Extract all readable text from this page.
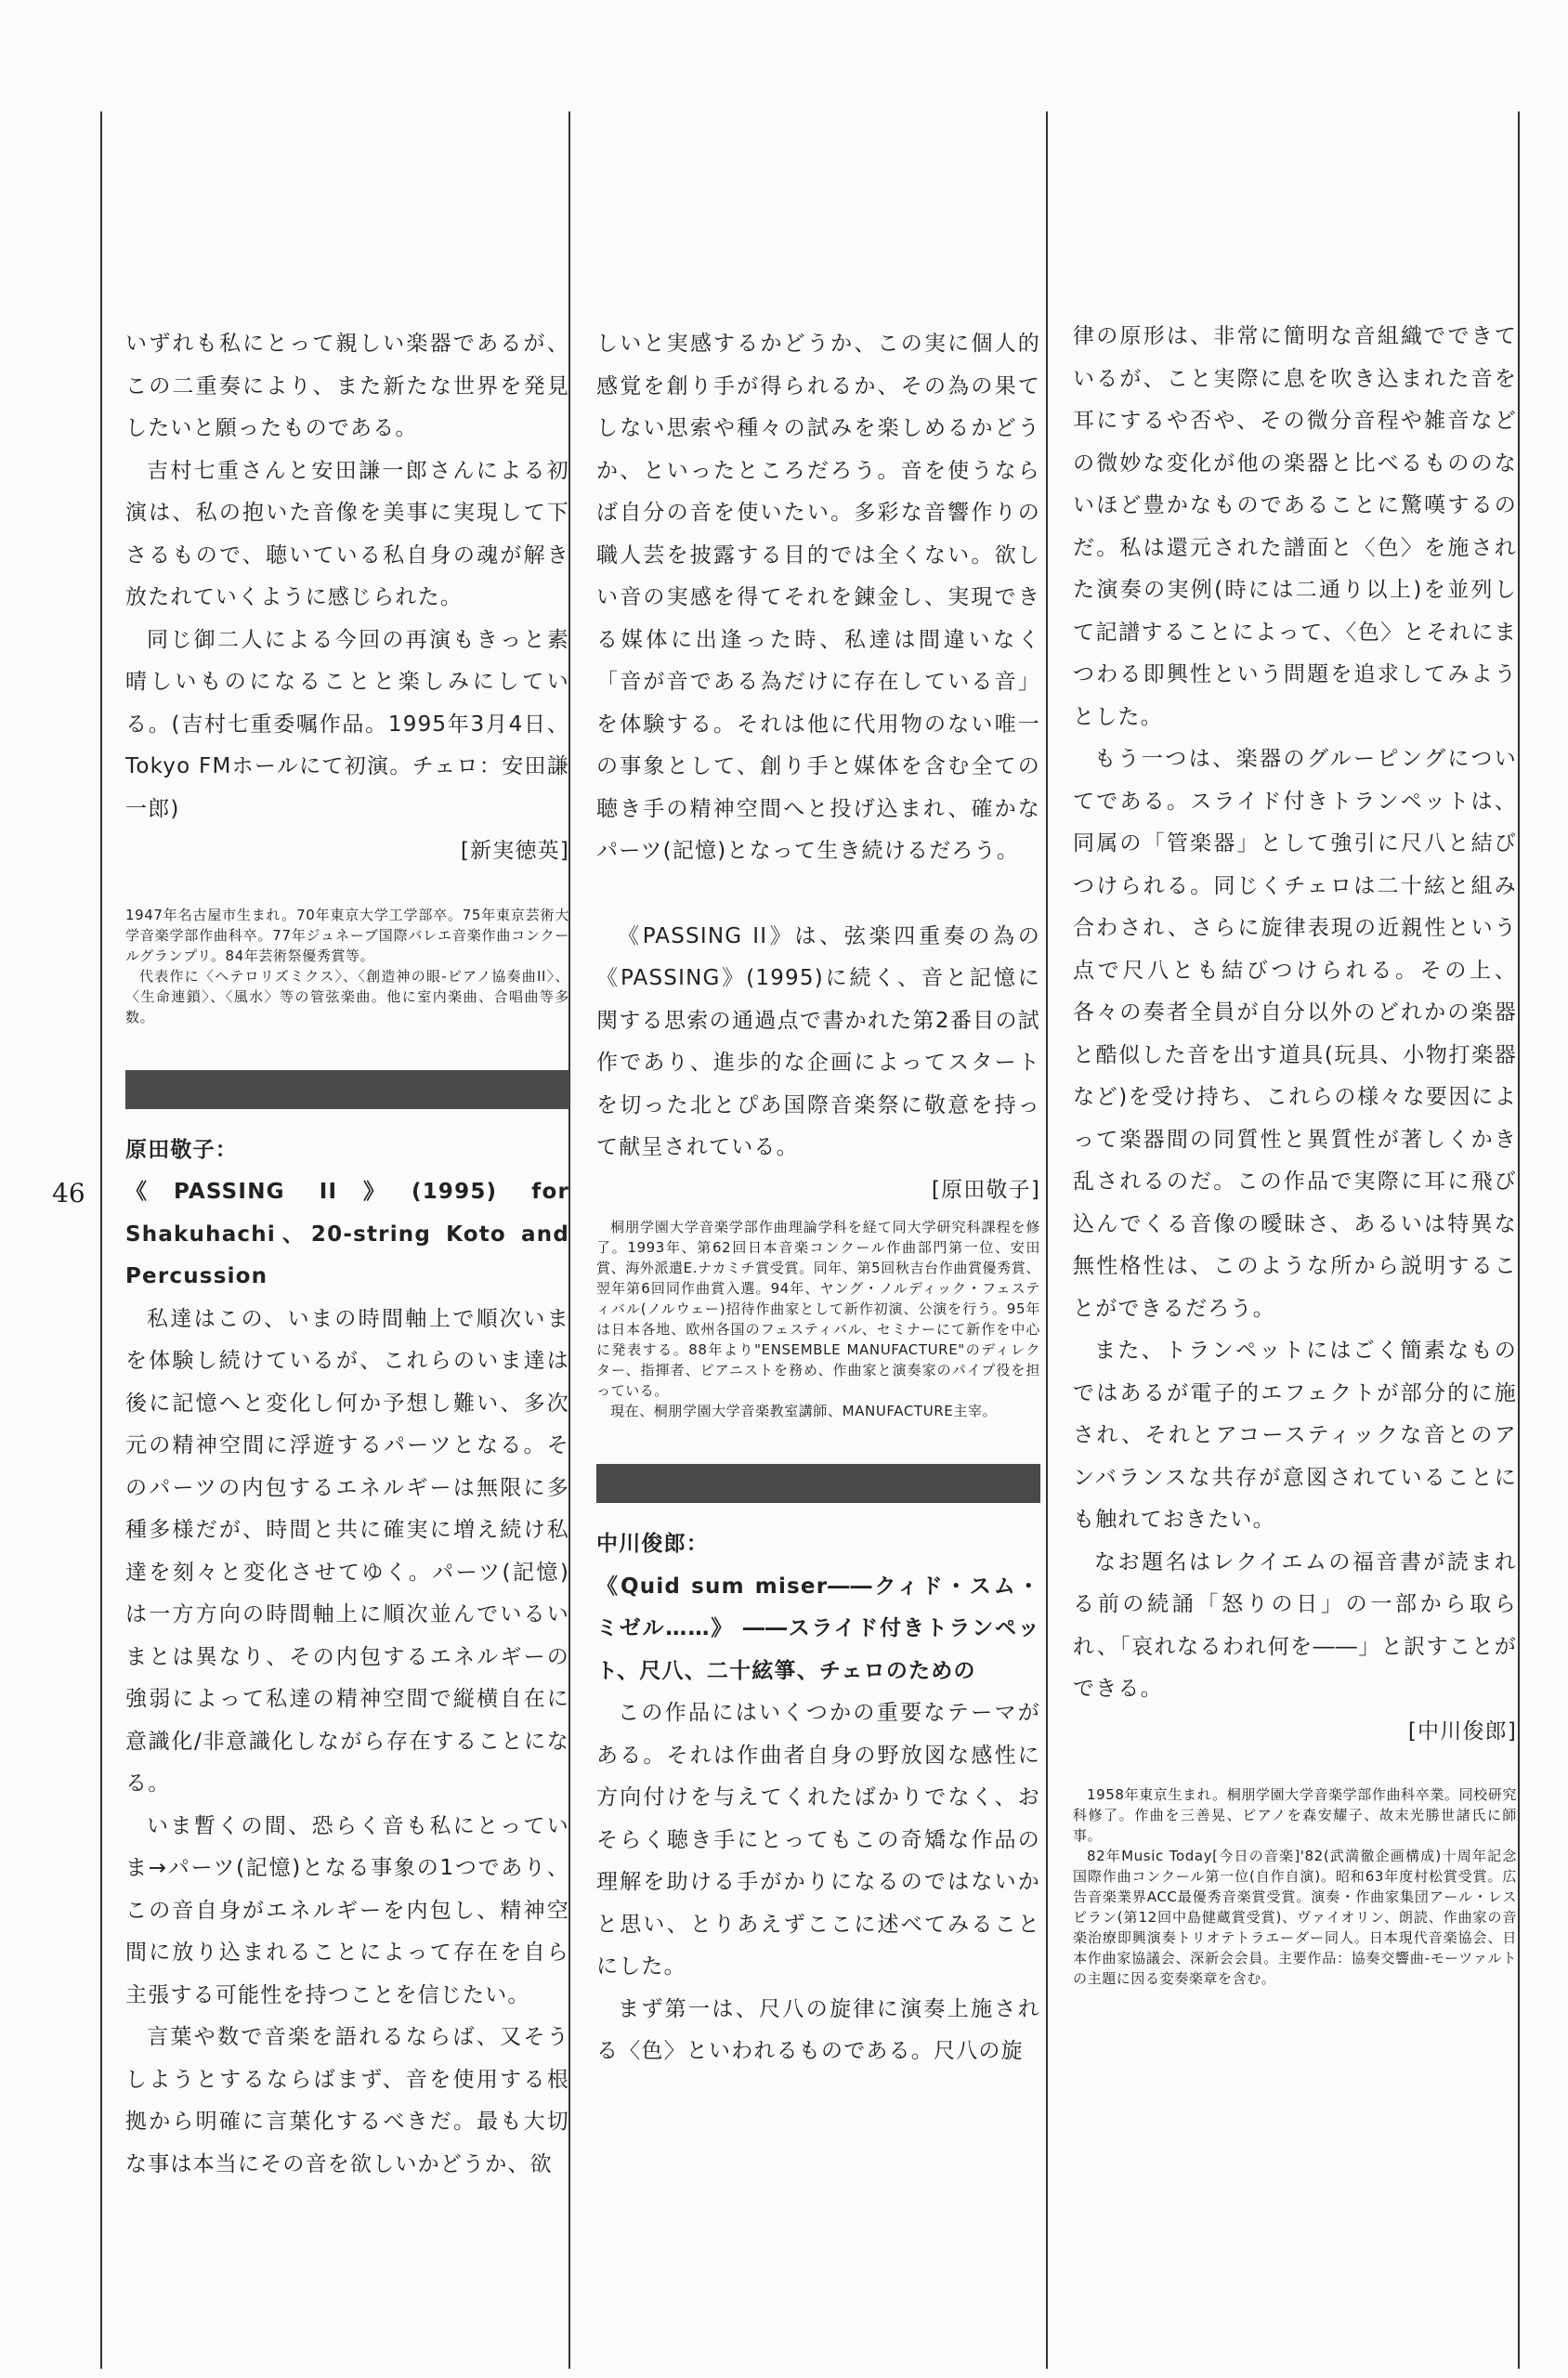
46

いずれも私にとって親しい楽器であるが、この二重奏により、また新たな世界を発見したいと願ったものである。

吉村七重さんと安田謙一郎さんによる初演は、私の抱いた音像を美事に実現して下さるもので、聴いている私自身の魂が解き放たれていくように感じられた。

同じ御二人による今回の再演もきっと素晴しいものになることと楽しみにしている。(吉村七重委嘱作品。1995年3月4日、Tokyo FMホールにて初演。チェロ：安田謙一郎)

[新実徳英]

1947年名古屋市生まれ。70年東京大学工学部卒。75年東京芸術大学音楽学部作曲科卒。77年ジュネーブ国際バレエ音楽作曲コンクールグランプリ。84年芸術祭優秀賞等。

代表作に〈ヘテロリズミクス〉、〈創造神の眼-ピアノ協奏曲II〉、〈生命連鎖〉、〈風水〉等の管弦楽曲。他に室内楽曲、合唱曲等多数。

原田敬子：

《PASSING II》(1995) for Shakuhachi、20-string Koto and Percussion

私達はこの、いまの時間軸上で順次いまを体験し続けているが、これらのいま達は後に記憶へと変化し何か予想し難い、多次元の精神空間に浮遊するパーツとなる。そのパーツの内包するエネルギーは無限に多種多様だが、時間と共に確実に増え続け私達を刻々と変化させてゆく。パーツ(記憶)は一方方向の時間軸上に順次並んでいるいまとは異なり、その内包するエネルギーの強弱によって私達の精神空間で縦横自在に意識化/非意識化しながら存在することになる。

いま暫くの間、恐らく音も私にとっていま→パーツ(記憶)となる事象の1つであり、この音自身がエネルギーを内包し、精神空間に放り込まれることによって存在を自ら主張する可能性を持つことを信じたい。

言葉や数で音楽を語れるならば、又そうしようとするならばまず、音を使用する根拠から明確に言葉化するべきだ。最も大切な事は本当にその音を欲しいかどうか、欲

しいと実感するかどうか、この実に個人的感覚を創り手が得られるか、その為の果てしない思索や種々の試みを楽しめるかどうか、といったところだろう。音を使うならば自分の音を使いたい。多彩な音響作りの職人芸を披露する目的では全くない。欲しい音の実感を得てそれを錬金し、実現できる媒体に出逢った時、私達は間違いなく「音が音である為だけに存在している音」を体験する。それは他に代用物のない唯一の事象として、創り手と媒体を含む全ての聴き手の精神空間へと投げ込まれ、確かなパーツ(記憶)となって生き続けるだろう。

《PASSING II》は、弦楽四重奏の為の《PASSING》(1995)に続く、音と記憶に関する思索の通過点で書かれた第2番目の試作であり、進歩的な企画によってスタートを切った北とぴあ国際音楽祭に敬意を持って献呈されている。

[原田敬子]

桐朋学園大学音楽学部作曲理論学科を経て同大学研究科課程を修了。1993年、第62回日本音楽コンクール作曲部門第一位、安田賞、海外派遣E.ナカミチ賞受賞。同年、第5回秋吉台作曲賞優秀賞、翌年第6回同作曲賞入選。94年、ヤング・ノルディック・フェスティバル(ノルウェー)招待作曲家として新作初演、公演を行う。95年は日本各地、欧州各国のフェスティバル、セミナーにて新作を中心に発表する。88年より"ENSEMBLE MANUFACTURE"のディレクター、指揮者、ピアニストを務め、作曲家と演奏家のパイプ役を担っている。

現在、桐朋学園大学音楽教室講師、MANUFACTURE主宰。

中川俊郎：

《Quid sum miser――クィド・スム・ミゼル……》 ――スライド付きトランペット、尺八、二十絃箏、チェロのための

この作品にはいくつかの重要なテーマがある。それは作曲者自身の野放図な感性に方向付けを与えてくれたばかりでなく、おそらく聴き手にとってもこの奇矯な作品の理解を助ける手がかりになるのではないかと思い、とりあえずここに述べてみることにした。

まず第一は、尺八の旋律に演奏上施される〈色〉といわれるものである。尺八の旋

律の原形は、非常に簡明な音組織でできているが、こと実際に息を吹き込まれた音を耳にするや否や、その微分音程や雑音などの微妙な変化が他の楽器と比べるもののないほど豊かなものであることに驚嘆するのだ。私は還元された譜面と〈色〉を施された演奏の実例(時には二通り以上)を並列して記譜することによって、〈色〉とそれにまつわる即興性という問題を追求してみようとした。

もう一つは、楽器のグルーピングについてである。スライド付きトランペットは、同属の「管楽器」として強引に尺八と結びつけられる。同じくチェロは二十絃と組み合わされ、さらに旋律表現の近親性という点で尺八とも結びつけられる。その上、各々の奏者全員が自分以外のどれかの楽器と酷似した音を出す道具(玩具、小物打楽器など)を受け持ち、これらの様々な要因によって楽器間の同質性と異質性が著しくかき乱されるのだ。この作品で実際に耳に飛び込んでくる音像の曖昧さ、あるいは特異な無性格性は、このような所から説明することができるだろう。

また、トランペットにはごく簡素なものではあるが電子的エフェクトが部分的に施され、それとアコースティックな音とのアンバランスな共存が意図されていることにも触れておきたい。

なお題名はレクイエムの福音書が読まれる前の続誦「怒りの日」の一部から取られ、「哀れなるわれ何を――」と訳すことができる。

[中川俊郎]

1958年東京生まれ。桐朋学園大学音楽学部作曲科卒業。同校研究科修了。作曲を三善晃、ピアノを森安耀子、故末光勝世諸氏に師事。

82年Music Today[今日の音楽]'82(武満徹企画構成)十周年記念国際作曲コンクール第一位(自作自演)。昭和63年度村松賞受賞。広告音楽業界ACC最優秀音楽賞受賞。演奏・作曲家集団アール・レスピラン(第12回中島健蔵賞受賞)、ヴァイオリン、朗読、作曲家の音楽治療即興演奏トリオテトラエーダー同人。日本現代音楽協会、日本作曲家協議会、深新会会員。主要作品：協奏交響曲-モーツァルトの主題に因る変奏楽章を含む。
